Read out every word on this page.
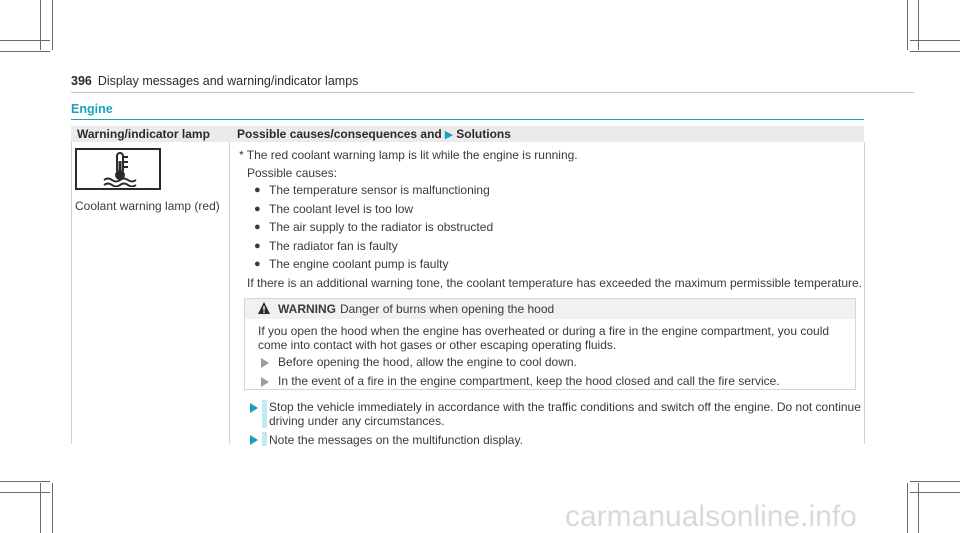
396 Display messages and warning/indicator lamps
Engine
Warning/indicator lamp Possible causes/consequences and ▶ Solutions
Coolant warning lamp (red)
* The red coolant warning lamp is lit while the engine is running.
Possible causes:
● The temperature sensor is malfunctioning
● The coolant level is too low
● The air supply to the radiator is obstructed
● The radiator fan is faulty
● The engine coolant pump is faulty
If there is an additional warning tone, the coolant temperature has exceeded the maximum permissible temperature.
WARNING Danger of burns when opening the hood
If you open the hood when the engine has overheated or during a fire in the engine compartment, you could
come into contact with hot gases or other escaping operating fluids.
Before opening the hood, allow the engine to cool down.
In the event of a fire in the engine compartment, keep the hood closed and call the fire service.
Stop the vehicle immediately in accordance with the traffic conditions and switch off the engine. Do not continue
driving under any circumstances.
Note the messages on the multifunction display.
carmanualsonline.info
